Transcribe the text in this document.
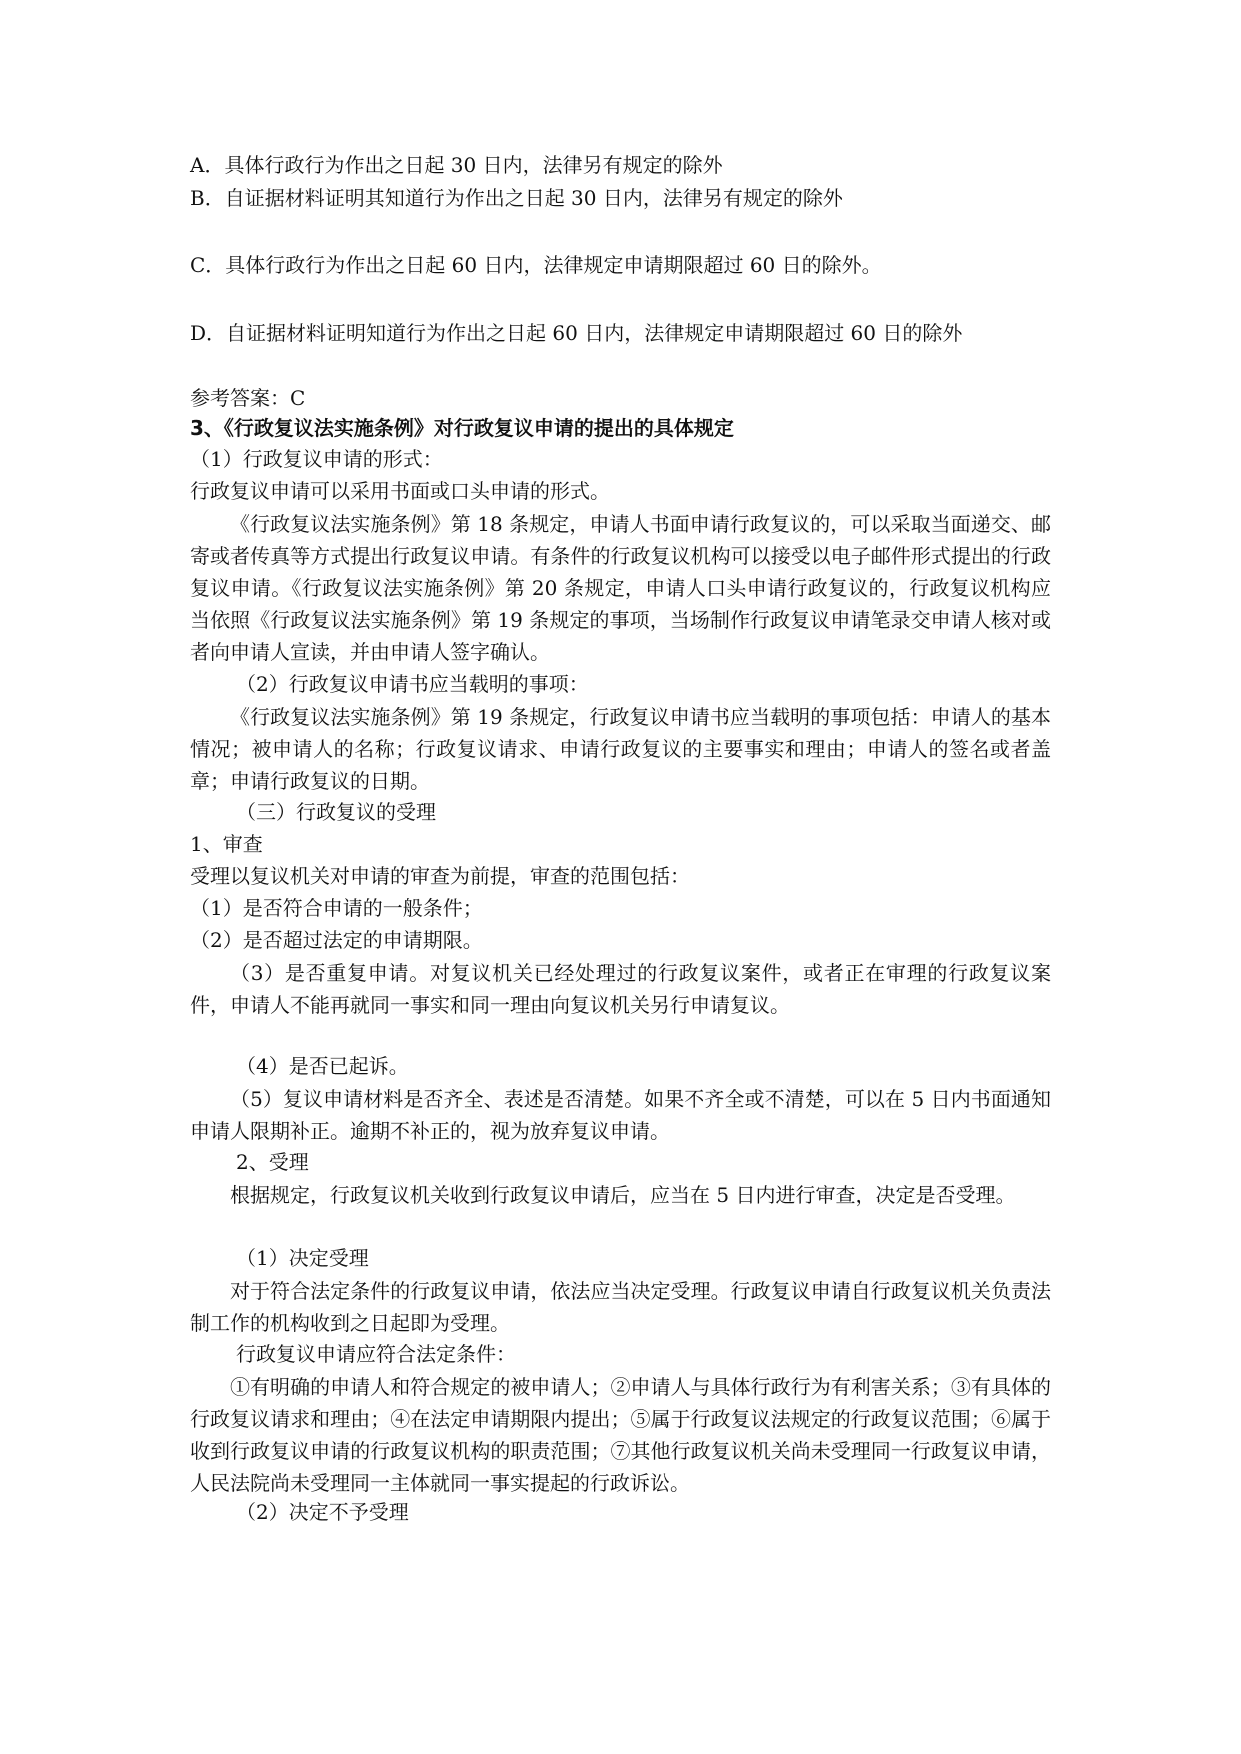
A．具体行政行为作出之日起 30 日内，法律另有规定的除外
B．自证据材料证明其知道行为作出之日起 30 日内，法律另有规定的除外
C．具体行政行为作出之日起 60 日内，法律规定申请期限超过 60 日的除外。
D．自证据材料证明知道行为作出之日起 60 日内，法律规定申请期限超过 60 日的除外
参考答案：C
3、《行政复议法实施条例》对行政复议申请的提出的具体规定
（1）行政复议申请的形式：
行政复议申请可以采用书面或口头申请的形式。
《行政复议法实施条例》第 18 条规定，申请人书面申请行政复议的，可以采取当面递交、邮寄或者传真等方式提出行政复议申请。有条件的行政复议机构可以接受以电子邮件形式提出的行政复议申请。《行政复议法实施条例》第 20 条规定，申请人口头申请行政复议的，行政复议机构应当依照《行政复议法实施条例》第 19 条规定的事项，当场制作行政复议申请笔录交申请人核对或者向申请人宣读，并由申请人签字确认。
（2）行政复议申请书应当载明的事项：
《行政复议法实施条例》第 19 条规定，行政复议申请书应当载明的事项包括：申请人的基本情况；被申请人的名称；行政复议请求、申请行政复议的主要事实和理由；申请人的签名或者盖章；申请行政复议的日期。
（三）行政复议的受理
1、审查
受理以复议机关对申请的审查为前提，审查的范围包括：
（1）是否符合申请的一般条件；
（2）是否超过法定的申请期限。
（3）是否重复申请。对复议机关已经处理过的行政复议案件，或者正在审理的行政复议案件，申请人不能再就同一事实和同一理由向复议机关另行申请复议。
（4）是否已起诉。
（5）复议申请材料是否齐全、表述是否清楚。如果不齐全或不清楚，可以在 5 日内书面通知申请人限期补正。逾期不补正的，视为放弃复议申请。
2、受理
根据规定，行政复议机关收到行政复议申请后，应当在 5 日内进行审查，决定是否受理。
（1）决定受理
对于符合法定条件的行政复议申请，依法应当决定受理。行政复议申请自行政复议机关负责法制工作的机构收到之日起即为受理。
行政复议申请应符合法定条件：
①有明确的申请人和符合规定的被申请人；②申请人与具体行政行为有利害关系；③有具体的行政复议请求和理由；④在法定申请期限内提出；⑤属于行政复议法规定的行政复议范围；⑥属于收到行政复议申请的行政复议机构的职责范围；⑦其他行政复议机关尚未受理同一行政复议申请，人民法院尚未受理同一主体就同一事实提起的行政诉讼。
（2）决定不予受理
